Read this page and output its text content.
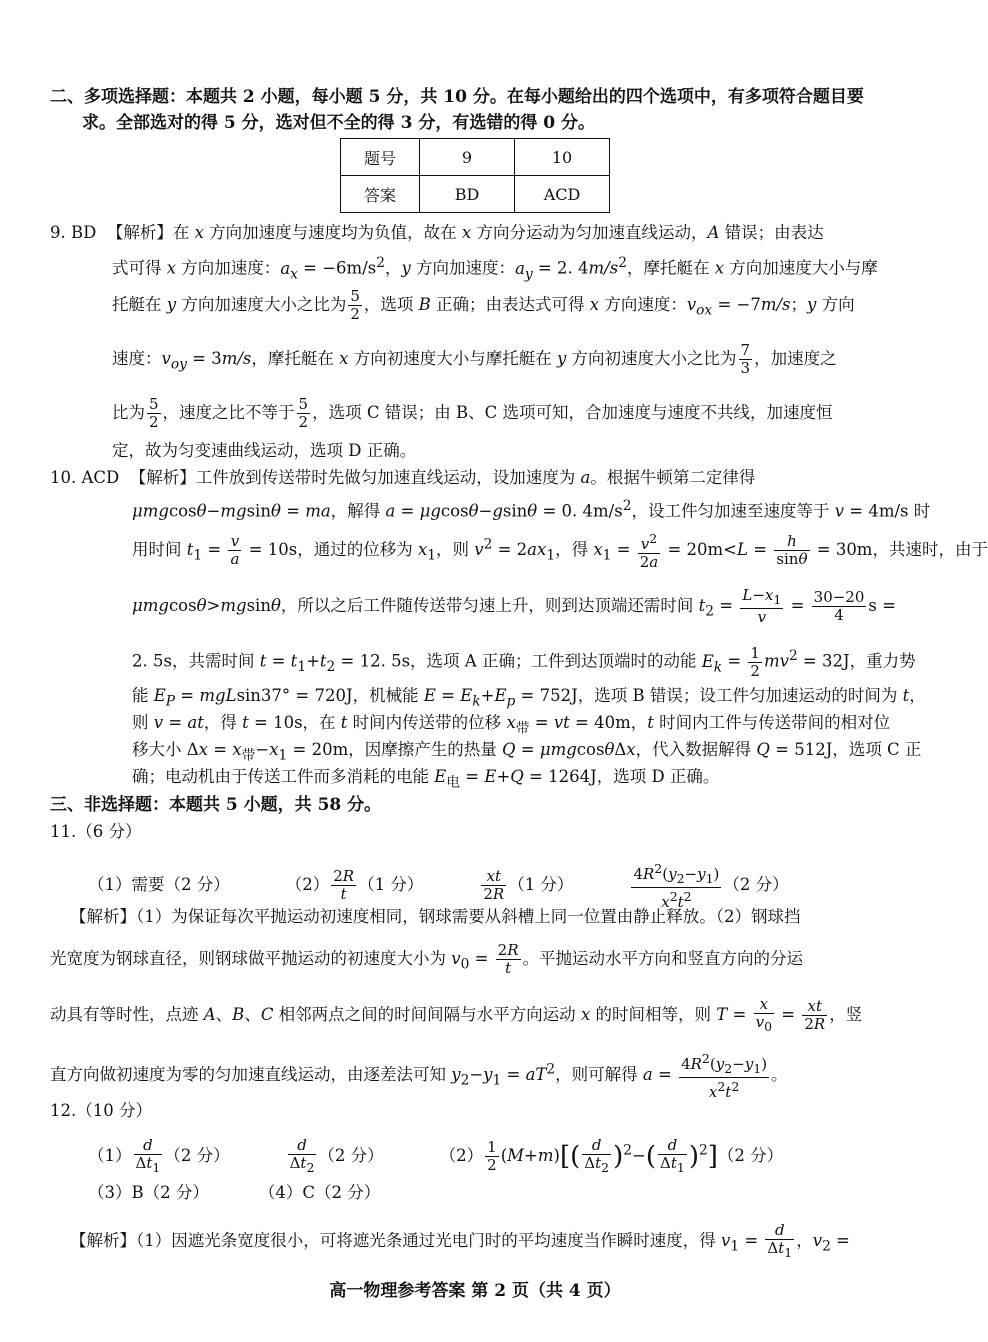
二、多项选择题：本题共 2 小题，每小题 5 分，共 10 分。在每小题给出的四个选项中，有多项符合题目要
求。全部选对的得 5 分，选对但不全的得 3 分，有选错的得 0 分。
题号	9	10
答案	BD	ACD
9. BD  【解析】在 x 方向加速度与速度均为负值，故在 x 方向分运动为匀加速直线运动，A 错误；由表达
式可得 x 方向加速度：$a_x = -6m/s^2$，y 方向加速度：$a_y = 2$. $4m/s^2$，摩托艇在 x 方向加速度大小与摩
托艇在 y 方向加速度大小之比为 $\frac{5}{2}$ ，选项 B 正确；由表达式可得 x 方向速度：$v_{ox} = -7m/s$；y 方向
速度：$v_{oy} = 3m/s$，摩托艇在 x 方向初速度大小与摩托艇在 y 方向初速度大小之比为 $\frac{7}{3}$ ，加速度之
比为 $\frac{5}{2}$ ，速度之比不等于 $\frac{5}{2}$ ，选项 C 错误；由 B、C 选项可知，合加速度与速度不共线，加速度恒
定，故为匀变速曲线运动，选项 D 正确。
10. ACD  【解析】工件放到传送带时先做匀加速直线运动，设加速度为 a。根据牛顿第二定律得
μmgcosθ−mgsinθ = ma，解得 a = μgcosθ−gsinθ = 0. $4m/s^2$，设工件匀加速至速度等于 v = 4m/s 时
用时间 $t_1 = \frac{v}{a} = 10s$，通过的位移为 $x_1$，则 $v^2 = 2ax_1$，得 $x_1 = \frac{v^2}{2a} = 20m<L = \frac{h}{\sin\theta} = 30m$，共速时，由于
μmgcosθ>mgsinθ，所以之后工件随传送带匀速上升，则到达顶端还需时间 $t_2 = \frac{L-x_1}{v} = \frac{30-20}{4}$ s =
2. 5s，共需时间 $t = t_1+t_2 = 12$. 5s，选项 A 正确；工件到达顶端时的动能 $E_k = \frac{1}{2} mv^2 = 32J$，重力势
能 $E_P = mgLsin37^\circ = 720J$，机械能 $E = E_k+E_p = 752J$，选项 B 错误；设工件匀加速运动的时间为 t，
则 v = at，得 t = 10s，在 t 时间内传送带的位移 $x_带$ = vt = 40m，t 时间内工件与传送带间的相对位
移大小 $\Delta x = x_带-x_1 = 20m$，因摩擦产生的热量 Q = μmgcosθΔx，代入数据解得 Q = 512J，选项 C 正
确；电动机由于传送工件而多消耗的电能 $E_电 = E+Q = 1264J$，选项 D 正确。
三、非选择题：本题共 5 小题，共 58 分。
11.（6 分）
（1）需要（2 分）	$(2) \frac{2R}{t} (1$ 分）	$\frac{xt}{2R} (1$ 分）	$\frac{4R^2(y_2-y_1)}{x^2t^2} (2$ 分）
【解析】（1）为保证每次平抛运动初速度相同，钢球需要从斜槽上同一位置由静止释放。（2）钢球挡
光宽度为钢球直径，则钢球做平抛运动的初速度大小为 $v_0 = \frac{2R}{t}$ 。平抛运动水平方向和竖直方向的分运
动具有等时性，点迹 A、B、C 相邻两点之间的时间间隔与水平方向运动 x 的时间相等，则 $T = \frac{x}{v_0} = \frac{xt}{2R}$ ，竖
直方向做初速度为零的匀加速直线运动，由逐差法可知 $y_2-y_1 = aT^2$，则可解得 $a = \frac{4R^2(y_2-y_1)}{x^2t^2}$ 。
12.（10 分）
$(1) \frac{d}{\Delta t_1} (2$ 分）	$\frac{d}{\Delta t_2} (2$ 分）	$(2) \frac{1}{2} (M+m)[( \frac{d}{\Delta t_2} )^2-( \frac{d}{\Delta t_1} )^2](2$ 分）
（3）B（2 分）	（4）C（2 分）
【解析】（1）因遮光条宽度很小，可将遮光条通过光电门时的平均速度当作瞬时速度，得 $v_1 = \frac{d}{\Delta t_1}$ ，$v_2$ =
高一物理参考答案 第 2 页（共 4 页）
